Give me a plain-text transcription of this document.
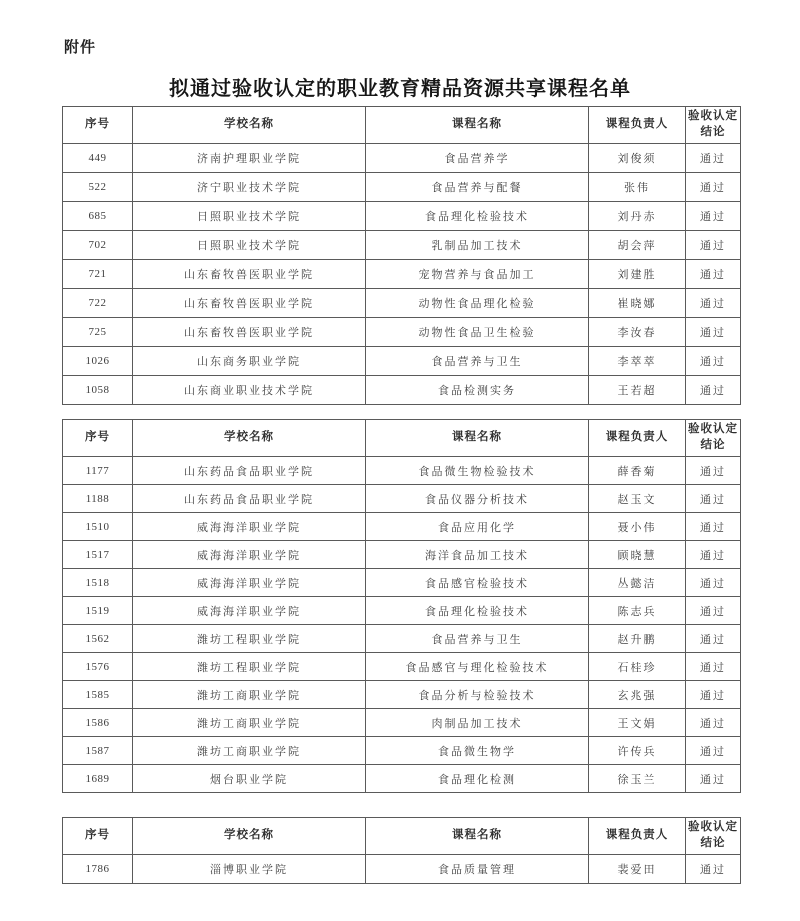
附件
拟通过验收认定的职业教育精品资源共享课程名单
序号	学校名称	课程名称	课程负责人	验收认定结论
449	济南护理职业学院	食品营养学	刘俊须	通过
522	济宁职业技术学院	食品营养与配餐	张伟	通过
685	日照职业技术学院	食品理化检验技术	刘丹赤	通过
702	日照职业技术学院	乳制品加工技术	胡会萍	通过
721	山东畜牧兽医职业学院	宠物营养与食品加工	刘建胜	通过
722	山东畜牧兽医职业学院	动物性食品理化检验	崔晓娜	通过
725	山东畜牧兽医职业学院	动物性食品卫生检验	李汝春	通过
1026	山东商务职业学院	食品营养与卫生	李萃萃	通过
1058	山东商业职业技术学院	食品检测实务	王若超	通过
序号	学校名称	课程名称	课程负责人	验收认定结论
1177	山东药品食品职业学院	食品微生物检验技术	薛香菊	通过
1188	山东药品食品职业学院	食品仪器分析技术	赵玉文	通过
1510	威海海洋职业学院	食品应用化学	聂小伟	通过
1517	威海海洋职业学院	海洋食品加工技术	顾晓慧	通过
1518	威海海洋职业学院	食品感官检验技术	丛懿洁	通过
1519	威海海洋职业学院	食品理化检验技术	陈志兵	通过
1562	潍坊工程职业学院	食品营养与卫生	赵升鹏	通过
1576	潍坊工程职业学院	食品感官与理化检验技术	石桂珍	通过
1585	潍坊工商职业学院	食品分析与检验技术	玄兆强	通过
1586	潍坊工商职业学院	肉制品加工技术	王文娟	通过
1587	潍坊工商职业学院	食品微生物学	许传兵	通过
1689	烟台职业学院	食品理化检测	徐玉兰	通过
序号	学校名称	课程名称	课程负责人	验收认定结论
1786	淄博职业学院	食品质量管理	裴爱田	通过
